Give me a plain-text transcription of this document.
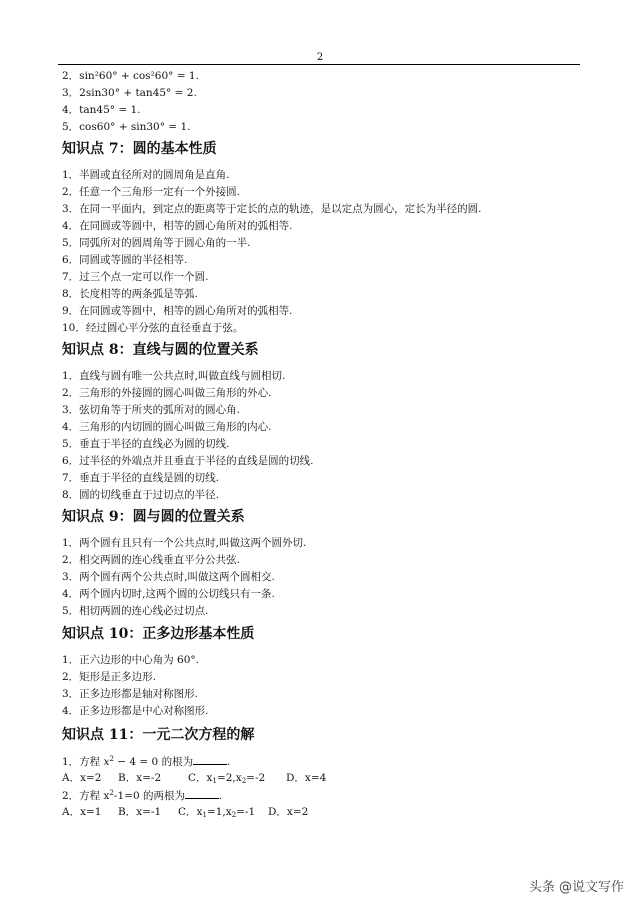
2
2．sin²60° + cos²60° = 1.
3．2sin30° + tan45° = 2.
4．tan45° = 1.
5．cos60° + sin30° = 1.
知识点 7：圆的基本性质
1．半圆或直径所对的圆周角是直角.
2．任意一个三角形一定有一个外接圆.
3．在同一平面内，到定点的距离等于定长的点的轨迹，是以定点为圆心，定长为半径的圆.
4．在同圆或等圆中，相等的圆心角所对的弧相等.
5．同弧所对的圆周角等于圆心角的一半.
6．同圆或等圆的半径相等.
7．过三个点一定可以作一个圆.
8．长度相等的两条弧是等弧.
9．在同圆或等圆中，相等的圆心角所对的弧相等.
10．经过圆心平分弦的直径垂直于弦。
知识点 8：直线与圆的位置关系
1．直线与圆有唯一公共点时,叫做直线与圆相切.
2．三角形的外接圆的圆心叫做三角形的外心.
3．弦切角等于所夹的弧所对的圆心角.
4．三角形的内切圆的圆心叫做三角形的内心.
5．垂直于半径的直线必为圆的切线.
6．过半径的外端点并且垂直于半径的直线是圆的切线.
7．垂直于半径的直线是圆的切线.
8．圆的切线垂直于过切点的半径.
知识点 9：圆与圆的位置关系
1．两个圆有且只有一个公共点时,叫做这两个圆外切.
2．相交两圆的连心线垂直平分公共弦.
3．两个圆有两个公共点时,叫做这两个圆相交.
4．两个圆内切时,这两个圆的公切线只有一条.
5．相切两圆的连心线必过切点.
知识点 10：正多边形基本性质
1．正六边形的中心角为 60°.
2．矩形是正多边形.
3．正多边形都是轴对称图形.
4．正多边形都是中心对称图形.
知识点 11：一元二次方程的解
1．方程 $x^2 - 4 = 0$ 的根为	.
A．x=2 B．x=-2	C．$x_1=2,x_2=-2$ D．x=4
2．方程 $x^2-1=0$ 的两根为	.
A．x=1 B．x=-1 C．$x_1=1,x_2=-1$ D．x=2
头条 @说文写作
